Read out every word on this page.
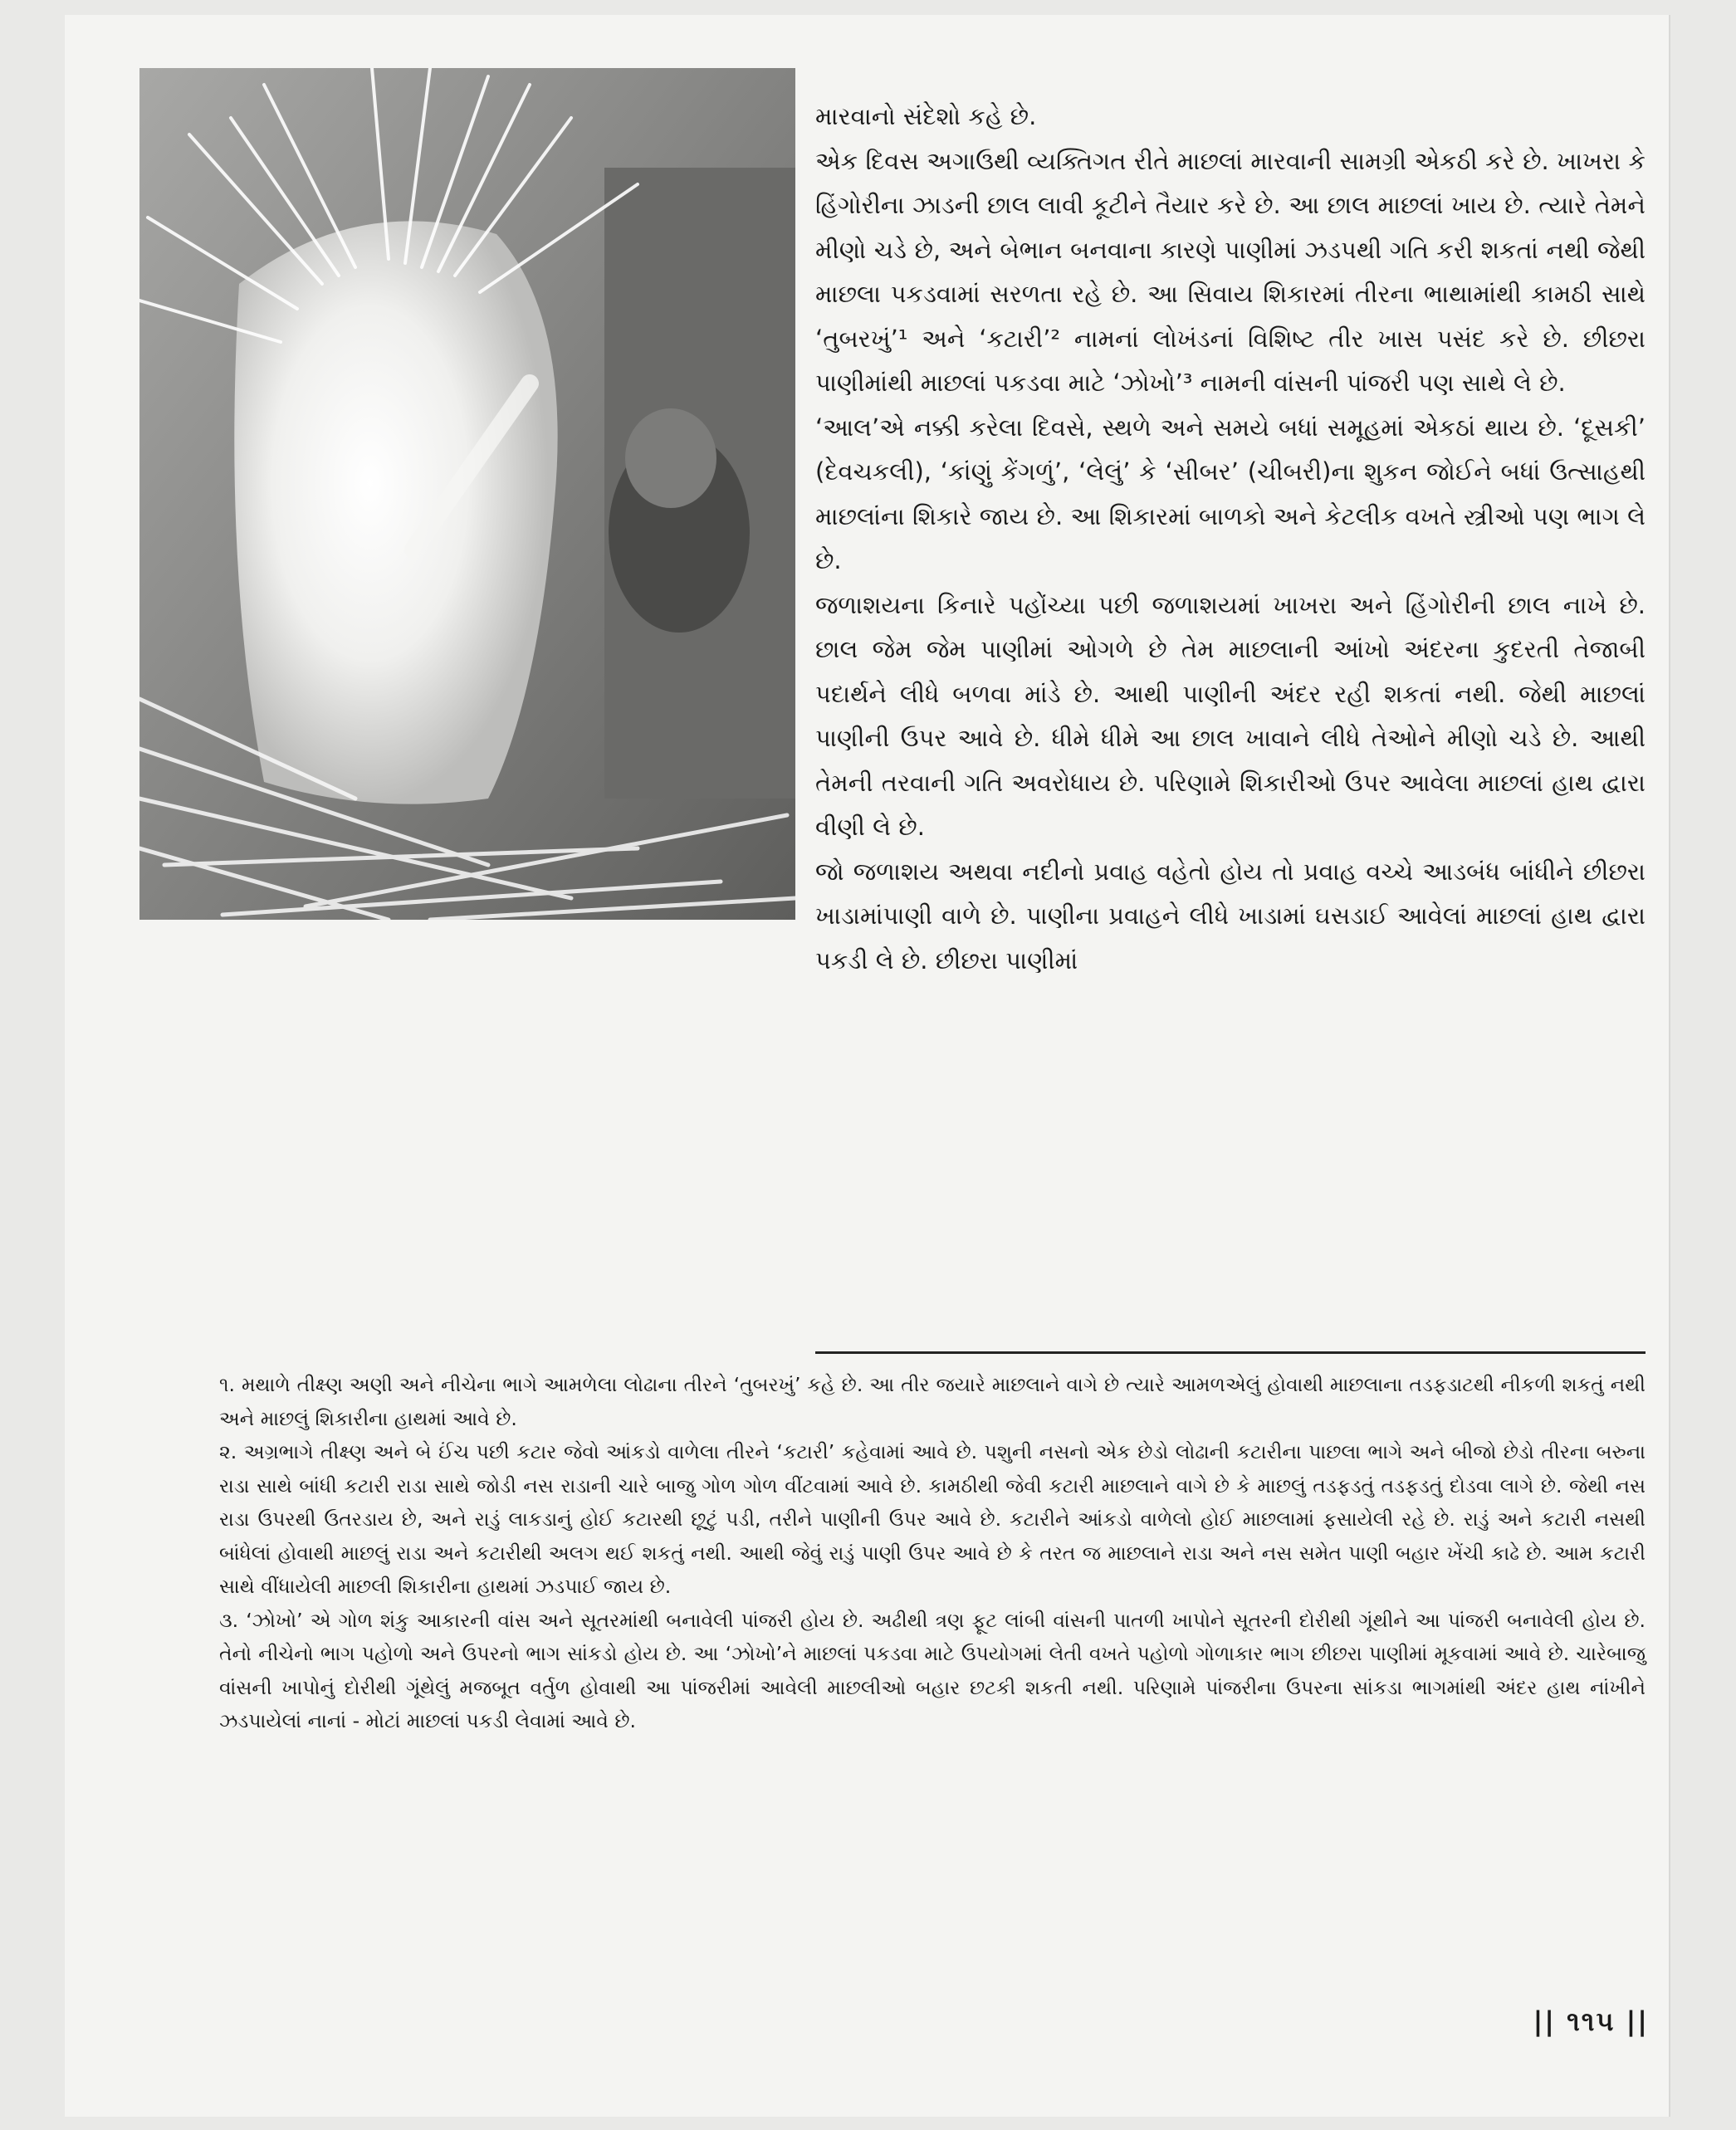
મારવાનો સંદેશો કહે છે.

એક દિવસ અગાઉથી વ્યક્તિગત રીતે માછલાં મારવાની સામગ્રી એકઠી કરે છે. ખાખરા કે હિંગોરીના ઝાડની છાલ લાવી કૂટીને તૈયાર કરે છે. આ છાલ માછલાં ખાય છે. ત્યારે તેમને મીણો ચડે છે, અને બેભાન બનવાના કારણે પાણીમાં ઝડપથી ગતિ કરી શકતાં નથી જેથી માછલા પકડવામાં સરળતા રહે છે. આ સિવાય શિકારમાં તીરના ભાથામાંથી કામઠી સાથે ‘તુબરખું’¹ અને ‘કટારી’² નામનાં લોખંડનાં વિશિષ્ટ તીર ખાસ પસંદ કરે છે. છીછરા પાણીમાંથી માછલાં પકડવા માટે ‘ઝોખો’³ નામની વાંસની પાંજરી પણ સાથે લે છે.

‘આલ’એ નક્કી કરેલા દિવસે, સ્થળે અને સમયે બધાં સમૂહમાં એકઠાં થાય છે. ‘દૂસકી’ (દેવચકલી), ‘કાંણું કેંગળું’, ‘લેલું’ કે ‘સીબર’ (ચીબરી)ના શુકન જોઈને બધાં ઉત્સાહથી માછલાંના શિકારે જાય છે. આ શિકારમાં બાળકો અને કેટલીક વખતે સ્ત્રીઓ પણ ભાગ લે છે.

જળાશયના કિનારે પહોંચ્યા પછી જળાશયમાં ખાખરા અને હિંગોરીની છાલ નાખે છે. છાલ જેમ જેમ પાણીમાં ઓગળે છે તેમ માછલાની આંખો અંદરના કુદરતી તેજાબી પદાર્થને લીધે બળવા માંડે છે. આથી પાણીની અંદર રહી શકતાં નથી. જેથી માછલાં પાણીની ઉપર આવે છે. ધીમે ધીમે આ છાલ ખાવાને લીધે તેઓને મીણો ચડે છે. આથી તેમની તરવાની ગતિ અવરોધાય છે. પરિણામે શિકારીઓ ઉપર આવેલા માછલાં હાથ દ્વારા વીણી લે છે.

જો જળાશય અથવા નદીનો પ્રવાહ વહેતો હોય તો પ્રવાહ વચ્ચે આડબંધ બાંધીને છીછરા ખાડામાંપાણી વાળે છે. પાણીના પ્રવાહને લીધે ખાડામાં ઘસડાઈ આવેલાં માછલાં હાથ દ્વારા પકડી લે છે. છીછરા પાણીમાં

૧. મથાળે તીક્ષ્ણ અણી અને નીચેના ભાગે આમળેલા લોઢાના તીરને ‘તુબરખું’ કહે છે. આ તીર જયારે માછલાને વાગે છે ત્યારે આમળએલું હોવાથી માછલાના તડફડાટથી નીકળી શકતું નથી અને માછલું શિકારીના હાથમાં આવે છે.

૨. અગ્રભાગે તીક્ષ્ણ અને બે ઈંચ પછી કટાર જેવો આંકડો વાળેલા તીરને ‘કટારી’ કહેવામાં આવે છે. પશુની નસનો એક છેડો લોઢાની કટારીના પાછલા ભાગે અને બીજો છેડો તીરના બરુના રાડા સાથે બાંધી કટારી રાડા સાથે જોડી નસ રાડાની ચારે બાજુ ગોળ ગોળ વીંટવામાં આવે છે. કામઠીથી જેવી કટારી માછલાને વાગે છે કે માછલું તડફડતું તડફડતું દોડવા લાગે છે. જેથી નસ રાડા ઉપરથી ઉતરડાય છે, અને રાડું લાકડાનું હોઈ કટારથી છૂટું પડી, તરીને પાણીની ઉપર આવે છે. કટારીને આંકડો વાળેલો હોઈ માછલામાં ફસાયેલી રહે છે. રાડું અને કટારી નસથી બાંધેલાં હોવાથી માછલું રાડા અને કટારીથી અલગ થઈ શકતું નથી. આથી જેવું રાડું પાણી ઉપર આવે છે કે તરત જ માછલાને રાડા અને નસ સમેત પાણી બહાર ખેંચી કાઢે છે. આમ કટારી સાથે વીંધાયેલી માછલી શિકારીના હાથમાં ઝડપાઈ જાય છે.

૩. ‘ઝોખો’ એ ગોળ શંકુ આકારની વાંસ અને સૂતરમાંથી બનાવેલી પાંજરી હોય છે. અઢીથી ત્રણ ફૂટ લાંબી વાંસની પાતળી ખાપોને સૂતરની દોરીથી ગૂંથીને આ પાંજરી બનાવેલી હોય છે. તેનો નીચેનો ભાગ પહોળો અને ઉપરનો ભાગ સાંકડો હોય છે. આ ‘ઝોખો’ને માછલાં પકડવા માટે ઉપયોગમાં લેતી વખતે પહોળો ગોળાકાર ભાગ છીછરા પાણીમાં મૂકવામાં આવે છે. ચારેબાજુ વાંસની ખાપોનું દોરીથી ગૂંથેલું મજબૂત વર્તુળ હોવાથી આ પાંજરીમાં આવેલી માછલીઓ બહાર છટકી શકતી નથી. પરિણામે પાંજરીના ઉપરના સાંકડા ભાગમાંથી અંદર હાથ નાંખીને ઝડપાયેલાં નાનાં - મોટાં માછલાં પકડી લેવામાં આવે છે.

|| ૧૧૫ ||
